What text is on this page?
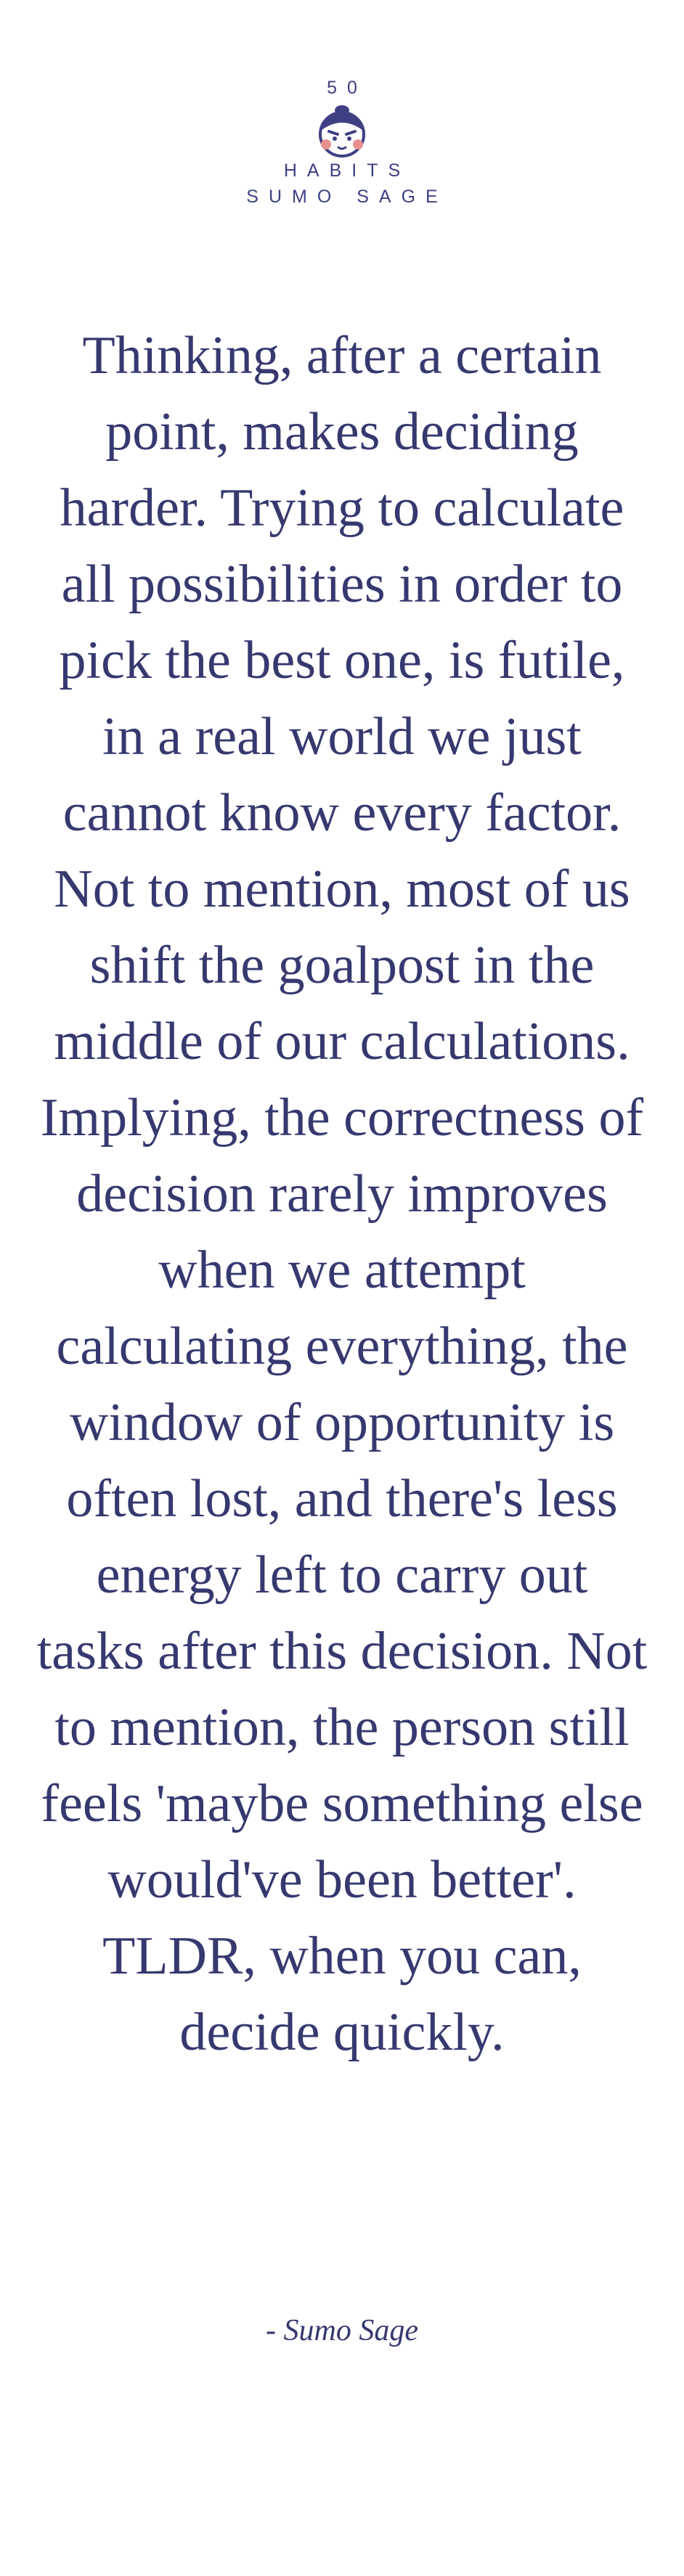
50
HABITS
SUMO SAGE

Thinking, after a certain point, makes deciding harder. Trying to calculate all possibilities in order to pick the best one, is futile, in a real world we just cannot know every factor. Not to mention, most of us shift the goalpost in the middle of our calculations. Implying, the correctness of decision rarely improves when we attempt calculating everything, the window of opportunity is often lost, and there's less energy left to carry out tasks after this decision. Not to mention, the person still feels 'maybe something else would've been better'. TLDR, when you can, decide quickly.

- Sumo Sage
